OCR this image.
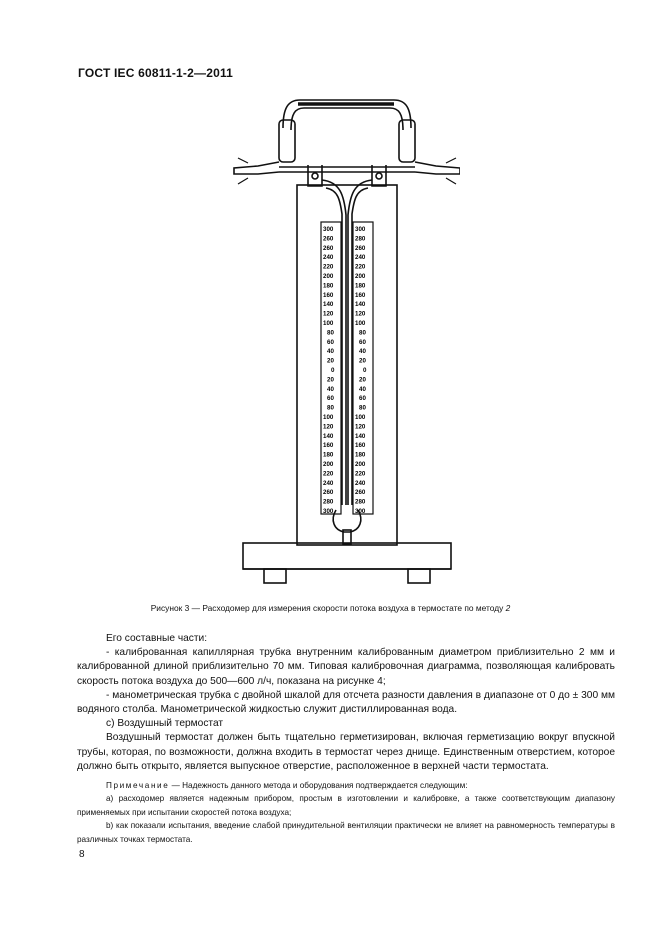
ГОСТ IEC 60811-1-2—2011
300
260
260
240
220
200
180
160
140
120
100
80
60
40
20
0
20
40
60
80
100
120
140
160
180
200
220
240
260
280
300
300
280
260
240
220
200
180
160
140
120
100
80
60
40
20
0
20
40
60
80
100
120
140
160
180
200
220
240
260
280
300
Рисунок 3 — Расходомер для измерения скорости потока воздуха в термостате по методу 2

Его составные части:

- калиброванная капиллярная трубка внутренним калиброванным диаметром приблизительно 2 мм и калиброванной длиной приблизительно 70 мм. Типовая калибровочная диаграмма, позволяющая калибровать скорость потока воздуха до 500—600 л/ч, показана на рисунке 4;

- манометрическая трубка с двойной шкалой для отсчета разности давления в диапазоне от 0 до ± 300 мм водяного столба. Манометрической жидкостью служит дистиллированная вода.

c) Воздушный термостат

Воздушный термостат должен быть тщательно герметизирован, включая герметизацию вокруг впускной трубы, которая, по возможности, должна входить в термостат через днище. Единственным отверстием, которое должно быть открыто, является выпускное отверстие, расположенное в верхней части термостата.

Примечание — Надежность данного метода и оборудования подтверждается следующим:

а) расходомер является надежным прибором, простым в изготовлении и калибровке, а также соответствующим диапазону применяемых при испытании скоростей потока воздуха;

b) как показали испытания, введение слабой принудительной вентиляции практически не влияет на равномерность температуры в различных точках термостата.

8
